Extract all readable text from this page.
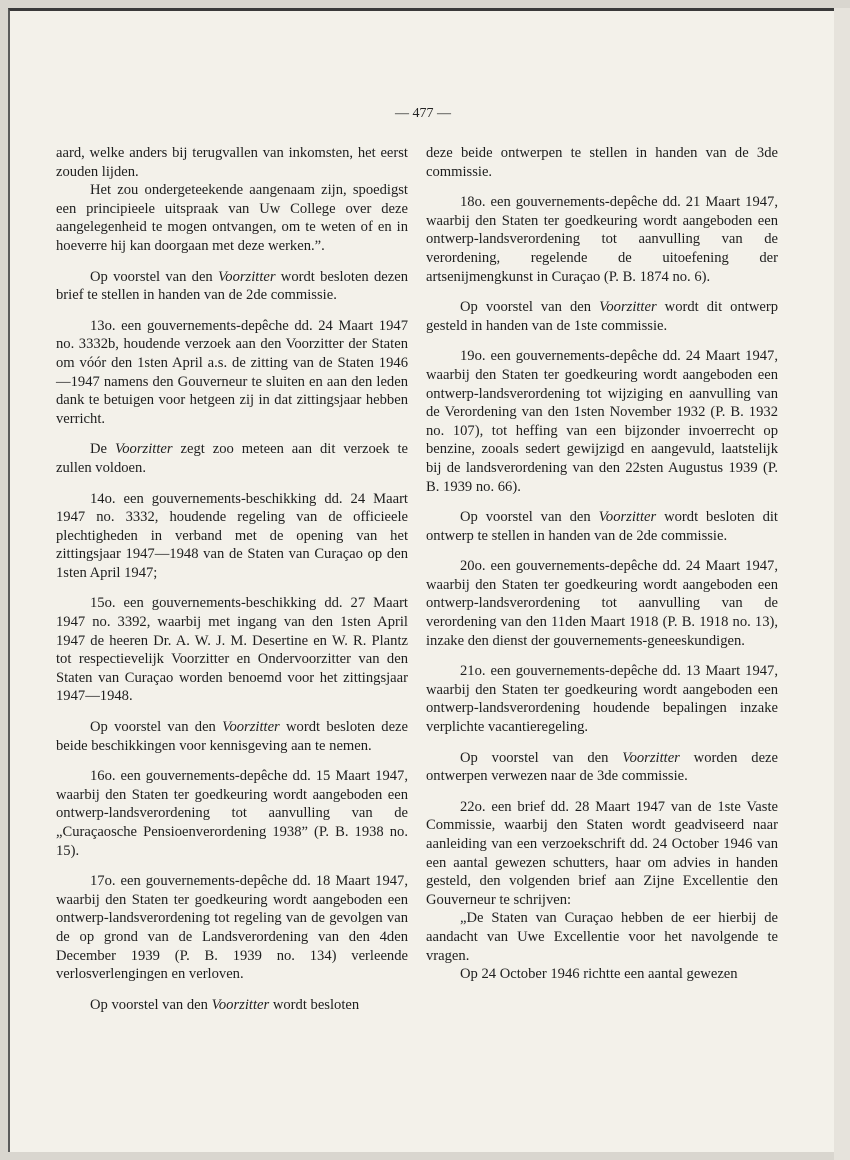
— 477 —

aard, welke anders bij terugvallen van inkomsten, het eerst zouden lijden.

Het zou ondergeteekende aangenaam zijn, spoedigst een principieele uitspraak van Uw College over deze aangelegenheid te mogen ontvangen, om te weten of en in hoeverre hij kan doorgaan met deze werken.”.

Op voorstel van den Voorzitter wordt besloten dezen brief te stellen in handen van de 2de commissie.

13o. een gouvernements-depêche dd. 24 Maart 1947 no. 3332b, houdende verzoek aan den Voorzitter der Staten om vóór den 1sten April a.s. de zitting van de Staten 1946—1947 namens den Gouverneur te sluiten en aan den leden dank te betuigen voor hetgeen zij in dat zittingsjaar hebben verricht.

De Voorzitter zegt zoo meteen aan dit verzoek te zullen voldoen.

14o. een gouvernements-beschikking dd. 24 Maart 1947 no. 3332, houdende regeling van de officieele plechtigheden in verband met de opening van het zittingsjaar 1947—1948 van de Staten van Curaçao op den 1sten April 1947;

15o. een gouvernements-beschikking dd. 27 Maart 1947 no. 3392, waarbij met ingang van den 1sten April 1947 de heeren Dr. A. W. J. M. Desertine en W. R. Plantz tot respectievelijk Voorzitter en Ondervoorzitter van den Staten van Curaçao worden benoemd voor het zittingsjaar 1947—1948.

Op voorstel van den Voorzitter wordt besloten deze beide beschikkingen voor kennisgeving aan te nemen.

16o. een gouvernements-depêche dd. 15 Maart 1947, waarbij den Staten ter goedkeuring wordt aangeboden een ontwerp-landsverordening tot aanvulling van de „Curaçaosche Pensioenverordening 1938” (P. B. 1938 no. 15).

17o. een gouvernements-depêche dd. 18 Maart 1947, waarbij den Staten ter goedkeuring wordt aangeboden een ontwerp-landsverordening tot regeling van de gevolgen van de op grond van de Landsverordening van den 4den December 1939 (P. B. 1939 no. 134) verleende verlosverlengingen en verloven.

Op voorstel van den Voorzitter wordt besloten

deze beide ontwerpen te stellen in handen van de 3de commissie.

18o. een gouvernements-depêche dd. 21 Maart 1947, waarbij den Staten ter goedkeuring wordt aangeboden een ontwerp-landsverordening tot aanvulling van de verordening, regelende de uitoefening der artsenijmengkunst in Curaçao (P. B. 1874 no. 6).

Op voorstel van den Voorzitter wordt dit ontwerp gesteld in handen van de 1ste commissie.

19o. een gouvernements-depêche dd. 24 Maart 1947, waarbij den Staten ter goedkeuring wordt aangeboden een ontwerp-landsverordening tot wijziging en aanvulling van de Verordening van den 1sten November 1932 (P. B. 1932 no. 107), tot heffing van een bijzonder invoerrecht op benzine, zooals sedert gewijzigd en aangevuld, laatstelijk bij de landsverordening van den 22sten Augustus 1939 (P. B. 1939 no. 66).

Op voorstel van den Voorzitter wordt besloten dit ontwerp te stellen in handen van de 2de commissie.

20o. een gouvernements-depêche dd. 24 Maart 1947, waarbij den Staten ter goedkeuring wordt aangeboden een ontwerp-landsverordening tot aanvulling van de verordening van den 11den Maart 1918 (P. B. 1918 no. 13), inzake den dienst der gouvernements-geneeskundigen.

21o. een gouvernements-depêche dd. 13 Maart 1947, waarbij den Staten ter goedkeuring wordt aangeboden een ontwerp-landsverordening houdende bepalingen inzake verplichte vacantieregeling.

Op voorstel van den Voorzitter worden deze ontwerpen verwezen naar de 3de commissie.

22o. een brief dd. 28 Maart 1947 van de 1ste Vaste Commissie, waarbij den Staten wordt geadviseerd naar aanleiding van een verzoekschrift dd. 24 October 1946 van een aantal gewezen schutters, haar om advies in handen gesteld, den volgenden brief aan Zijne Excellentie den Gouverneur te schrijven:

„De Staten van Curaçao hebben de eer hierbij de aandacht van Uwe Excellentie voor het navolgende te vragen.

Op 24 October 1946 richtte een aantal gewezen
